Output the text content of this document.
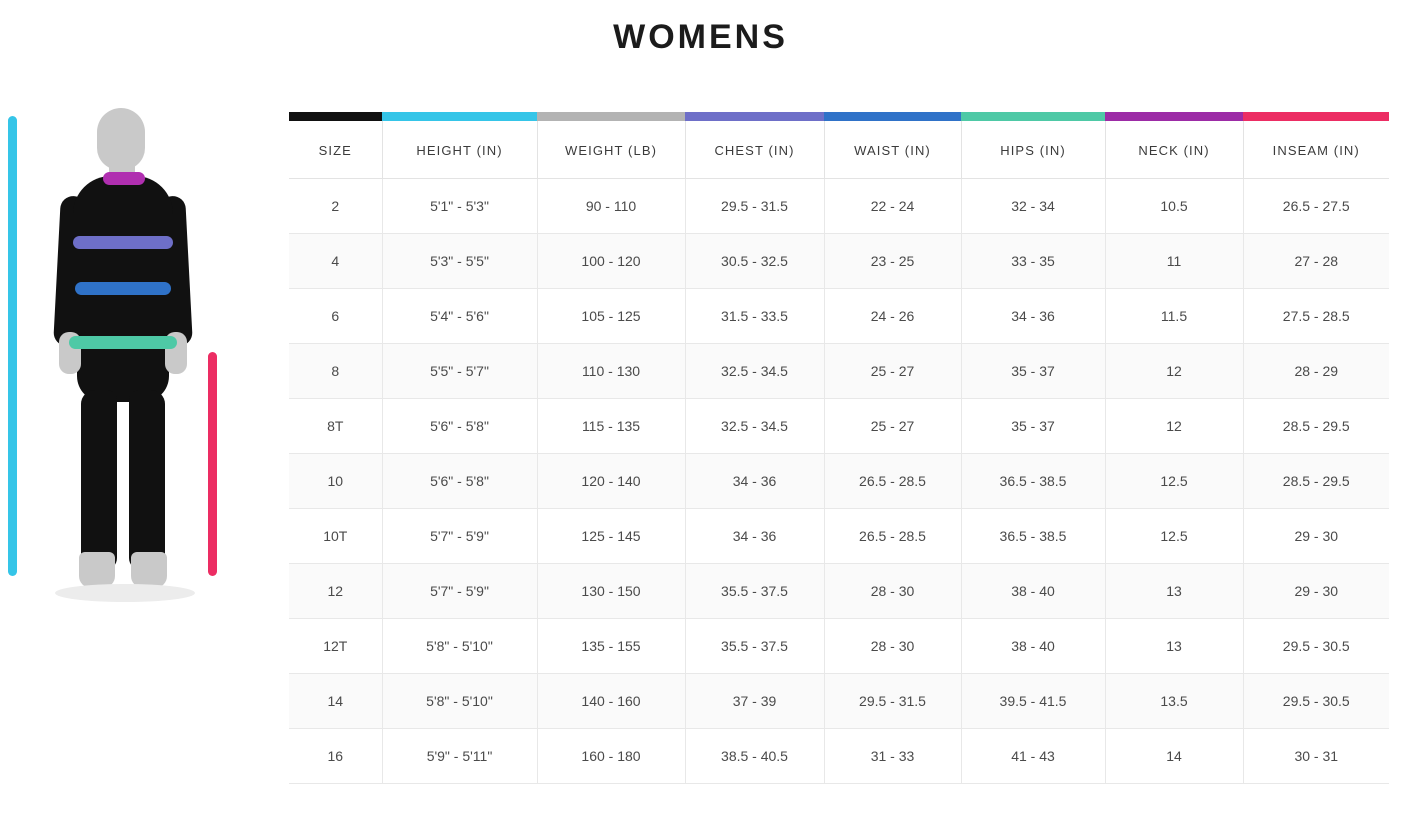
WOMENS

SIZE	HEIGHT (IN)	WEIGHT (LB)	CHEST (IN)	WAIST (IN)	HIPS (IN)	NECK (IN)	INSEAM (IN)
2	5'1" - 5'3"	90 - 110	29.5 - 31.5	22 - 24	32 - 34	10.5	26.5 - 27.5
4	5'3" - 5'5"	100 - 120	30.5 - 32.5	23 - 25	33 - 35	11	27 - 28
6	5'4" - 5'6"	105 - 125	31.5 - 33.5	24 - 26	34 - 36	11.5	27.5 - 28.5
8	5'5" - 5'7"	110 - 130	32.5 - 34.5	25 - 27	35 - 37	12	28 - 29
8T	5'6" - 5'8"	115 - 135	32.5 - 34.5	25 - 27	35 - 37	12	28.5 - 29.5
10	5'6" - 5'8"	120 - 140	34 - 36	26.5 - 28.5	36.5 - 38.5	12.5	28.5 - 29.5
10T	5'7" - 5'9"	125 - 145	34 - 36	26.5 - 28.5	36.5 - 38.5	12.5	29 - 30
12	5'7" - 5'9"	130 - 150	35.5 - 37.5	28 - 30	38 - 40	13	29 - 30
12T	5'8" - 5'10"	135 - 155	35.5 - 37.5	28 - 30	38 - 40	13	29.5 - 30.5
14	5'8" - 5'10"	140 - 160	37 - 39	29.5 - 31.5	39.5 - 41.5	13.5	29.5 - 30.5
16	5'9" - 5'11"	160 - 180	38.5 - 40.5	31 - 33	41 - 43	14	30 - 31
